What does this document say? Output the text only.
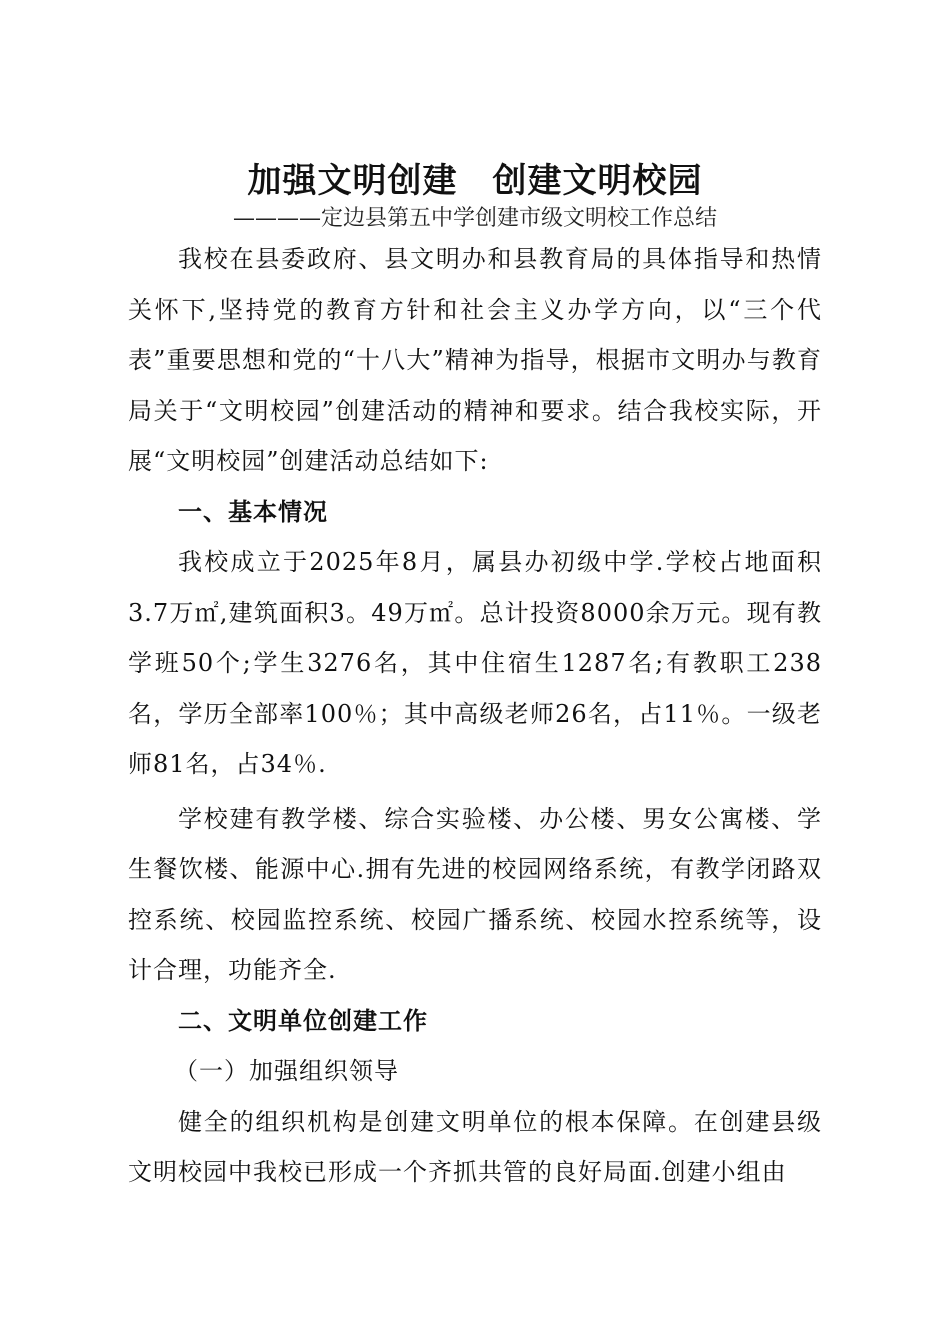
加强文明创建　创建文明校园

————定边县第五中学创建市级文明校工作总结

我校在县委政府、县文明办和县教育局的具体指导和热情关怀下,坚持党的教育方针和社会主义办学方向，以“三个代表”重要思想和党的“十八大”精神为指导，根据市文明办与教育局关于“文明校园”创建活动的精神和要求。结合我校实际，开展“文明校园”创建活动总结如下:

一、基本情况

我校成立于2025年8月，属县办初级中学.学校占地面积3.7万㎡,建筑面积3。49万㎡。总计投资8000余万元。现有教学班50个;学生3276名，其中住宿生1287名;有教职工238名，学历全部率100％；其中高级老师26名，占11％。一级老师81名，占34％.

学校建有教学楼、综合实验楼、办公楼、男女公寓楼、学生餐饮楼、能源中心.拥有先进的校园网络系统，有教学闭路双控系统、校园监控系统、校园广播系统、校园水控系统等，设计合理，功能齐全.

二、文明单位创建工作

（一）加强组织领导

健全的组织机构是创建文明单位的根本保障。在创建县级文明校园中我校已形成一个齐抓共管的良好局面.创建小组由
